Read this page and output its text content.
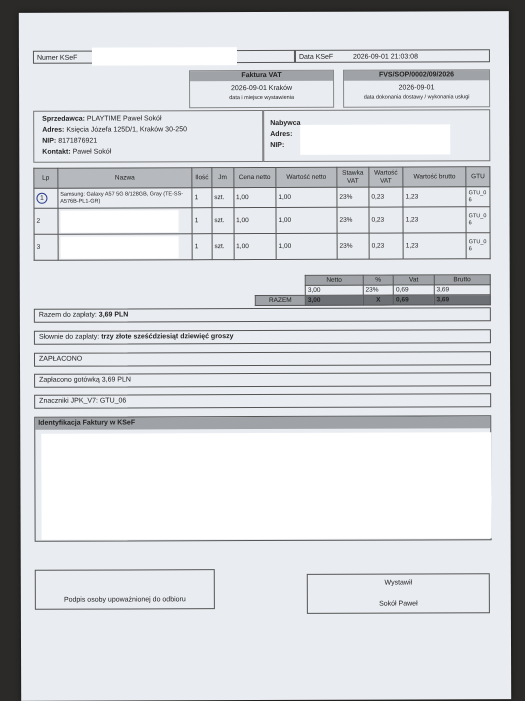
Numer KSeF	Data KSeF	2026-09-01 21:03:08
Faktura VAT
2026-09-01 Kraków
data i miejsce wystawienia
FVS/SOP/0002/09/2026
2026-09-01
data dokonania dostawy / wykonania usługi
Sprzedawca: PLAYTIME Paweł Sokół
Adres: Księcia Józefa 125D/1, Kraków 30-250
NIP: 8171876921
Kontakt: Paweł Sokół
Nabywca
Adres:
NIP:
Lp	Nazwa	Ilość	Jm	Cena netto	Wartość netto	Stawka VAT	Wartość VAT	Wartość brutto	GTU
1	Samsung: Galaxy A57 5G 8/128GB, Gray (TE-SS-A576B-PL1-GR)	1	szt.	1,00	1,00	23%	0,23	1,23	GTU_06
2		1	szt.	1,00	1,00	23%	0,23	1,23	GTU_06
3		1	szt.	1,00	1,00	23%	0,23	1,23	GTU_06
	Netto	%	Vat	Brutto
	3,00	23%	0,69	3,69
RAZEM	3,00	X	0,69	3,69
Razem do zapłaty: 3,69 PLN
Słownie do zapłaty: trzy złote sześćdziesiąt dziewięć groszy
ZAPŁACONO
Zapłacono gotówką 3,69 PLN
Znaczniki JPK_V7: GTU_06
Identyfikacja Faktury w KSeF
Podpis osoby upoważnionej do odbioru
Wystawił
Sokół Paweł
